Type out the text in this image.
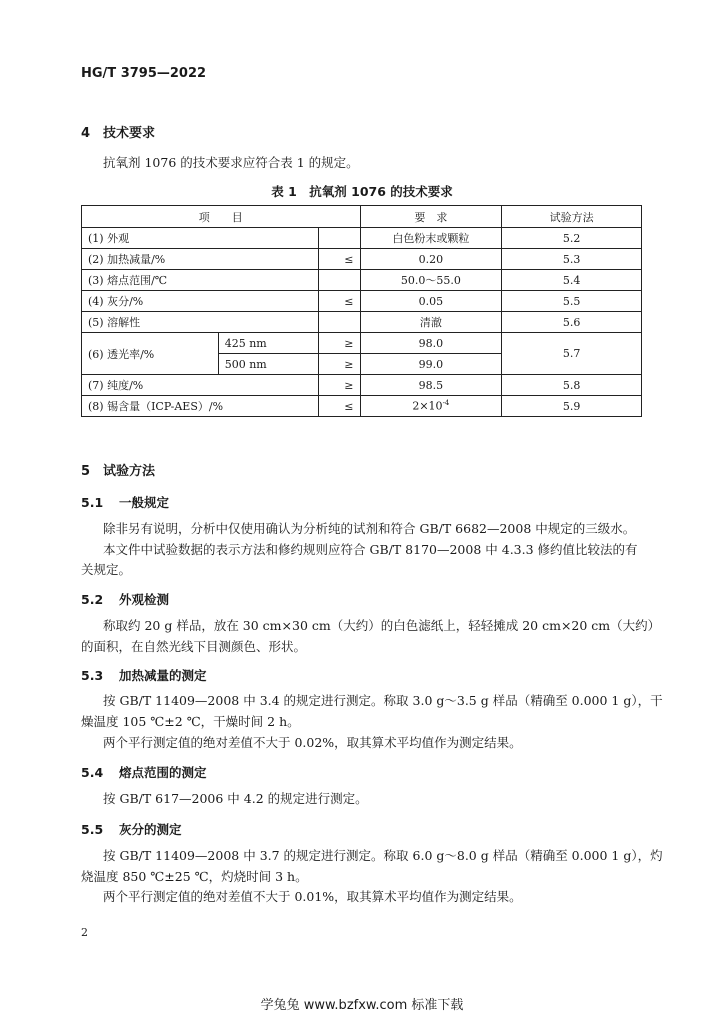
HG/T 3795—2022
4 技术要求
抗氧剂 1076 的技术要求应符合表 1 的规定。
表 1　抗氧剂 1076 的技术要求
项　　目			要　求	试验方法
(1) 外观			白色粉末或颗粒	5.2
(2) 加热减量/%		≤	0.20	5.3
(3) 熔点范围/℃			50.0～55.0	5.4
(4) 灰分/%		≤	0.05	5.5
(5) 溶解性			清澈	5.6
(6) 透光率/%	425 nm	≥	98.0	5.7
	500 nm	≥	99.0	
(7) 纯度/%		≥	98.5	5.8
(8) 锡含量（ICP-AES）/%		≤	$2\times 10^{-4}$	5.9
5 试验方法
5.1 一般规定
除非另有说明，分析中仅使用确认为分析纯的试剂和符合 GB/T 6682—2008 中规定的三级水。
本文件中试验数据的表示方法和修约规则应符合 GB/T 8170—2008 中 4.3.3 修约值比较法的有
关规定。
5.2 外观检测
称取约 20 g 样品，放在 30 cm×30 cm（大约）的白色滤纸上，轻轻摊成 20 cm×20 cm（大约）
的面积，在自然光线下目测颜色、形状。
5.3 加热减量的测定
按 GB/T 11409—2008 中 3.4 的规定进行测定。称取 3.0 g～3.5 g 样品（精确至 0.000 1 g），干
燥温度 105 ℃±2 ℃，干燥时间 2 h。
两个平行测定值的绝对差值不大于 0.02%，取其算术平均值作为测定结果。
5.4 熔点范围的测定
按 GB/T 617—2006 中 4.2 的规定进行测定。
5.5 灰分的测定
按 GB/T 11409—2008 中 3.7 的规定进行测定。称取 6.0 g～8.0 g 样品（精确至 0.000 1 g），灼
烧温度 850 ℃±25 ℃，灼烧时间 3 h。
两个平行测定值的绝对差值不大于 0.01%，取其算术平均值作为测定结果。
2
学兔兔 www.bzfxw.com 标准下载
